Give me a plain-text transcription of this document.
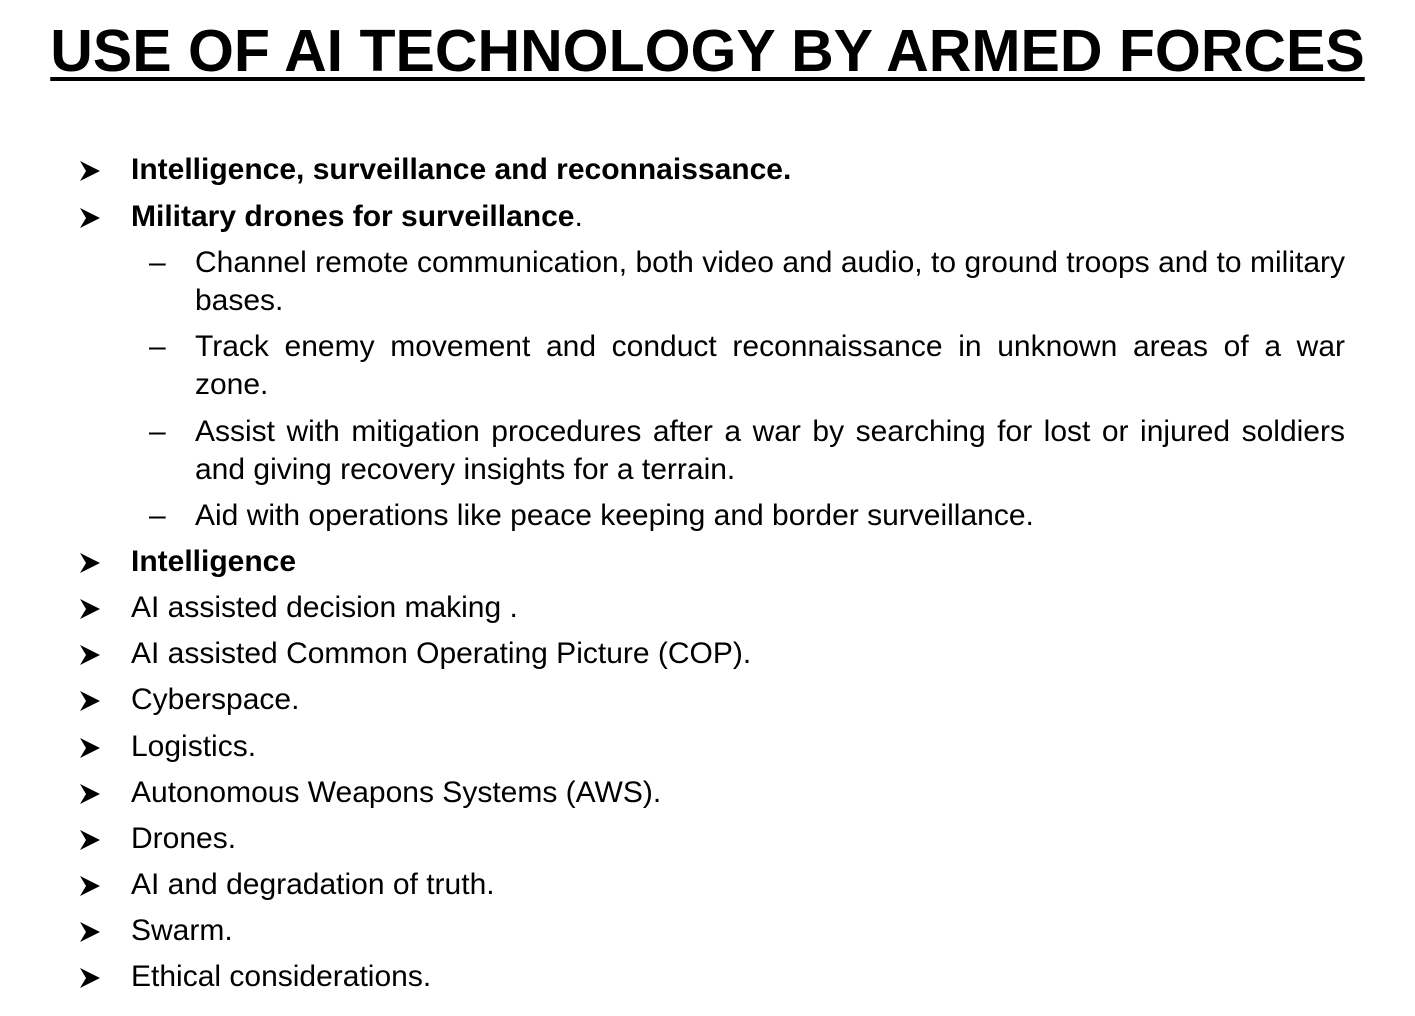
USE OF AI TECHNOLOGY BY ARMED FORCES
Intelligence, surveillance and reconnaissance.
Military drones for surveillance.
– Channel remote communication, both video and audio, to ground troops and to military bases.
– Track enemy movement and conduct reconnaissance in unknown areas of a war zone.
– Assist with mitigation procedures after a war by searching for lost or injured soldiers and giving recovery insights for a terrain.
– Aid with operations like peace keeping and border surveillance.
Intelligence
AI assisted decision making .
AI assisted Common Operating Picture (COP).
Cyberspace.
Logistics.
Autonomous Weapons Systems (AWS).
Drones.
AI and degradation of truth.
Swarm.
Ethical considerations.
